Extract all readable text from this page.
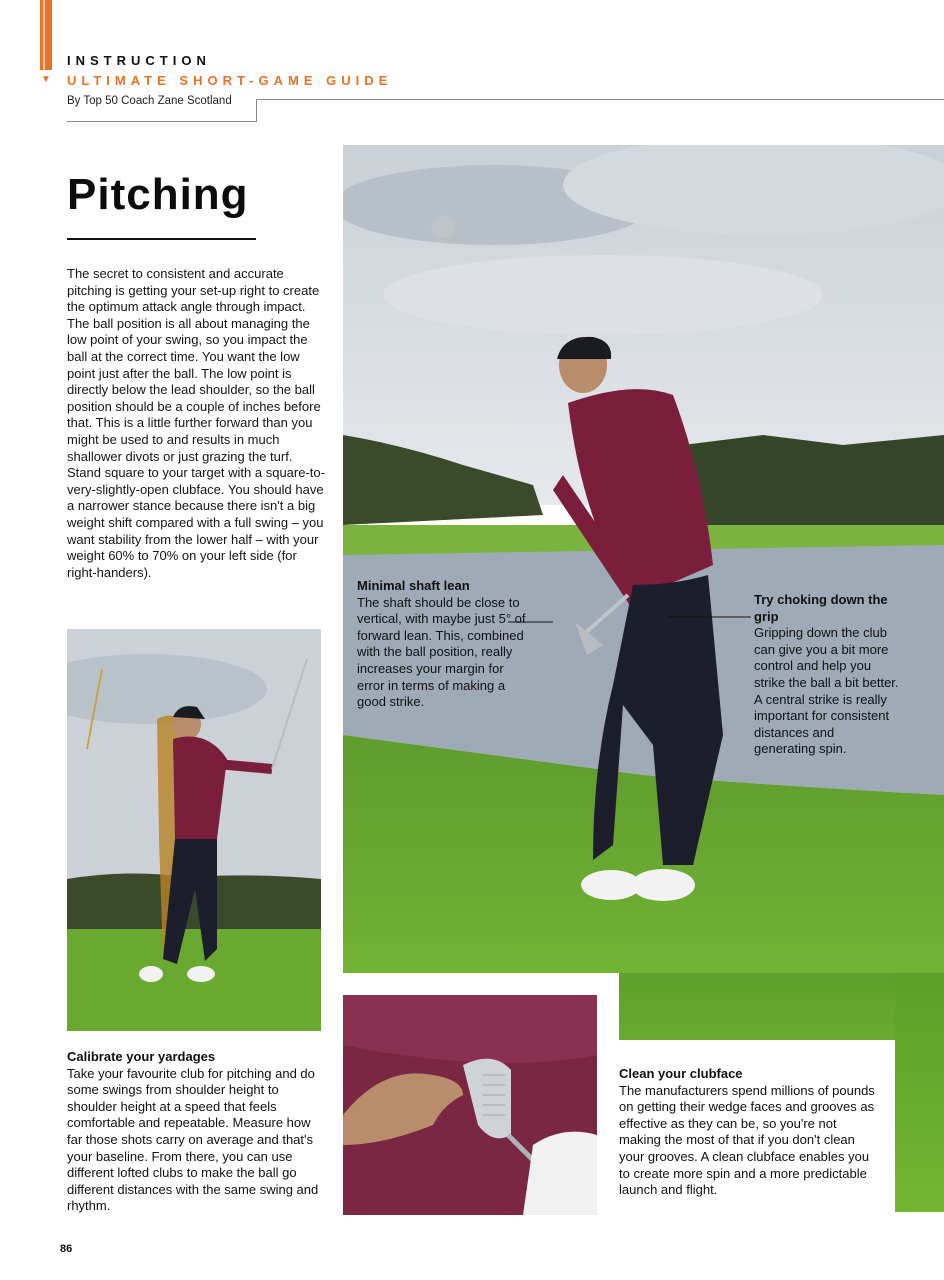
▼
INSTRUCTION
ULTIMATE SHORT-GAME GUIDE
By Top 50 Coach Zane Scotland
Pitching

The secret to consistent and accurate pitching is getting your set-up right to create the optimum attack angle through impact. The ball position is all about managing the low point of your swing, so you impact the ball at the correct time. You want the low point just after the ball. The low point is directly below the lead shoulder, so the ball position should be a couple of inches before that. This is a little further forward than you might be used to and results in much shallower divots or just grazing the turf. Stand square to your target with a square-to-very-slightly-open clubface. You should have a narrower stance because there isn't a big weight shift compared with a full swing – you want stability from the lower half – with your weight 60% to 70% on your left side (for right-handers).

Minimal shaft lean
The shaft should be close to vertical, with maybe just 5° of forward lean. This, combined with the ball position, really increases your margin for error in terms of making a good strike.
Try choking down the grip
Gripping down the club can give you a bit more control and help you strike the ball a bit better. A central strike is really important for consistent distances and generating spin.
Calibrate your yardages
Take your favourite club for pitching and do some swings from shoulder height to shoulder height at a speed that feels comfortable and repeatable. Measure how far those shots carry on average and that's your baseline. From there, you can use different lofted clubs to make the ball go different distances with the same swing and rhythm.
Clean your clubface
The manufacturers spend millions of pounds on getting their wedge faces and grooves as effective as they can be, so you're not making the most of that if you don't clean your grooves. A clean clubface enables you to create more spin and a more predictable launch and flight.
86
